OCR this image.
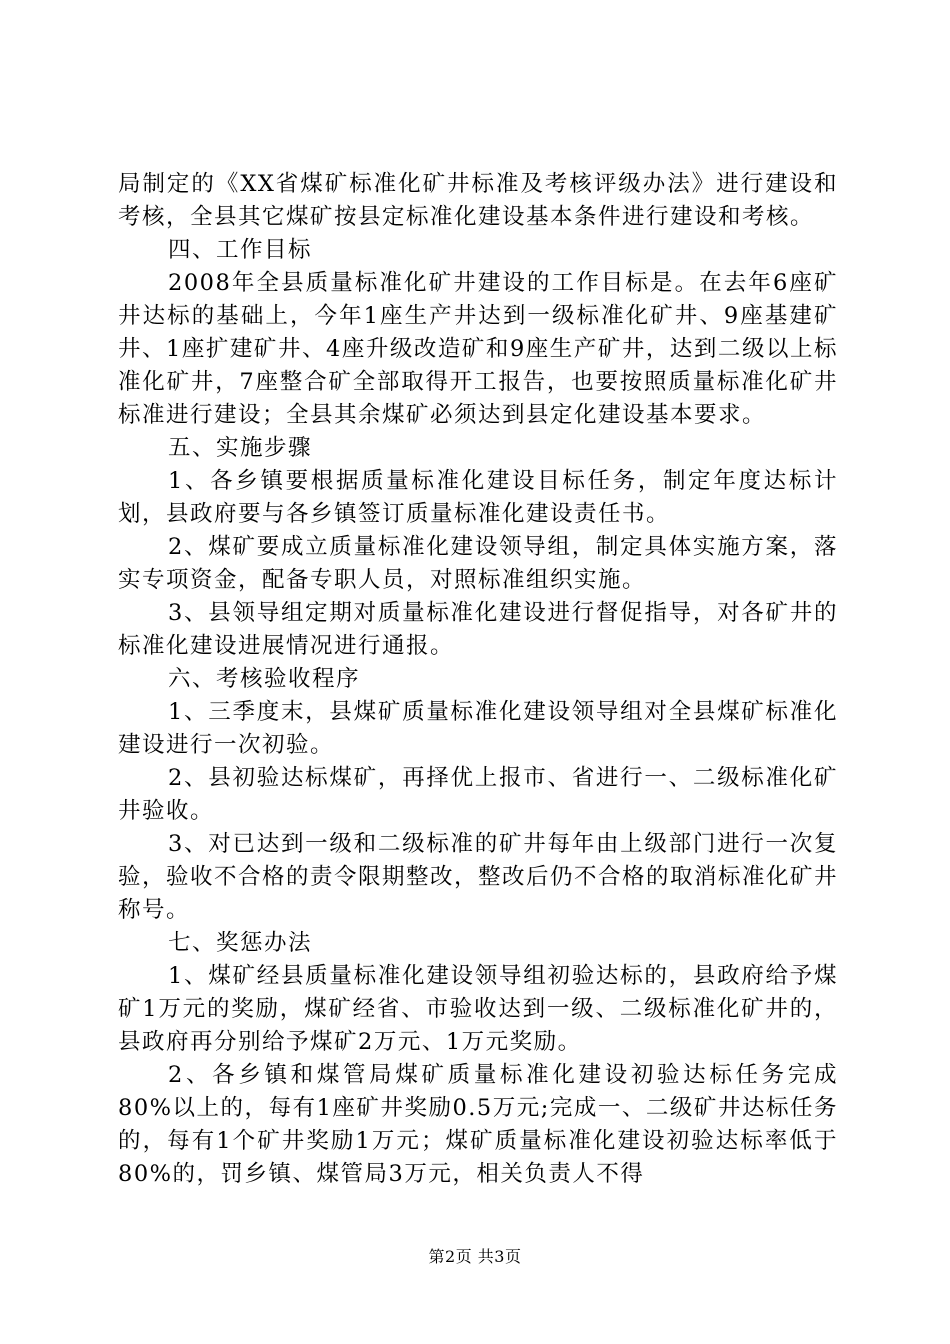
局制定的《XX省煤矿标准化矿井标准及考核评级办法》进行建设和考核，全县其它煤矿按县定标准化建设基本条件进行建设和考核。

四、工作目标

2008年全县质量标准化矿井建设的工作目标是。在去年6座矿井达标的基础上，今年1座生产井达到一级标准化矿井、9座基建矿井、1座扩建矿井、4座升级改造矿和9座生产矿井，达到二级以上标准化矿井，7座整合矿全部取得开工报告，也要按照质量标准化矿井标准进行建设；全县其余煤矿必须达到县定化建设基本要求。

五、实施步骤

1、各乡镇要根据质量标准化建设目标任务，制定年度达标计划，县政府要与各乡镇签订质量标准化建设责任书。

2、煤矿要成立质量标准化建设领导组，制定具体实施方案，落实专项资金，配备专职人员，对照标准组织实施。

3、县领导组定期对质量标准化建设进行督促指导，对各矿井的标准化建设进展情况进行通报。

六、考核验收程序

1、三季度末，县煤矿质量标准化建设领导组对全县煤矿标准化建设进行一次初验。

2、县初验达标煤矿，再择优上报市、省进行一、二级标准化矿井验收。

3、对已达到一级和二级标准的矿井每年由上级部门进行一次复验，验收不合格的责令限期整改，整改后仍不合格的取消标准化矿井称号。

七、奖惩办法

1、煤矿经县质量标准化建设领导组初验达标的，县政府给予煤矿1万元的奖励，煤矿经省、市验收达到一级、二级标准化矿井的，县政府再分别给予煤矿2万元、1万元奖励。

2、各乡镇和煤管局煤矿质量标准化建设初验达标任务完成80%以上的，每有1座矿井奖励0.5万元;完成一、二级矿井达标任务的，每有1个矿井奖励1万元；煤矿质量标准化建设初验达标率低于80%的，罚乡镇、煤管局3万元，相关负责人不得

第2页 共3页
